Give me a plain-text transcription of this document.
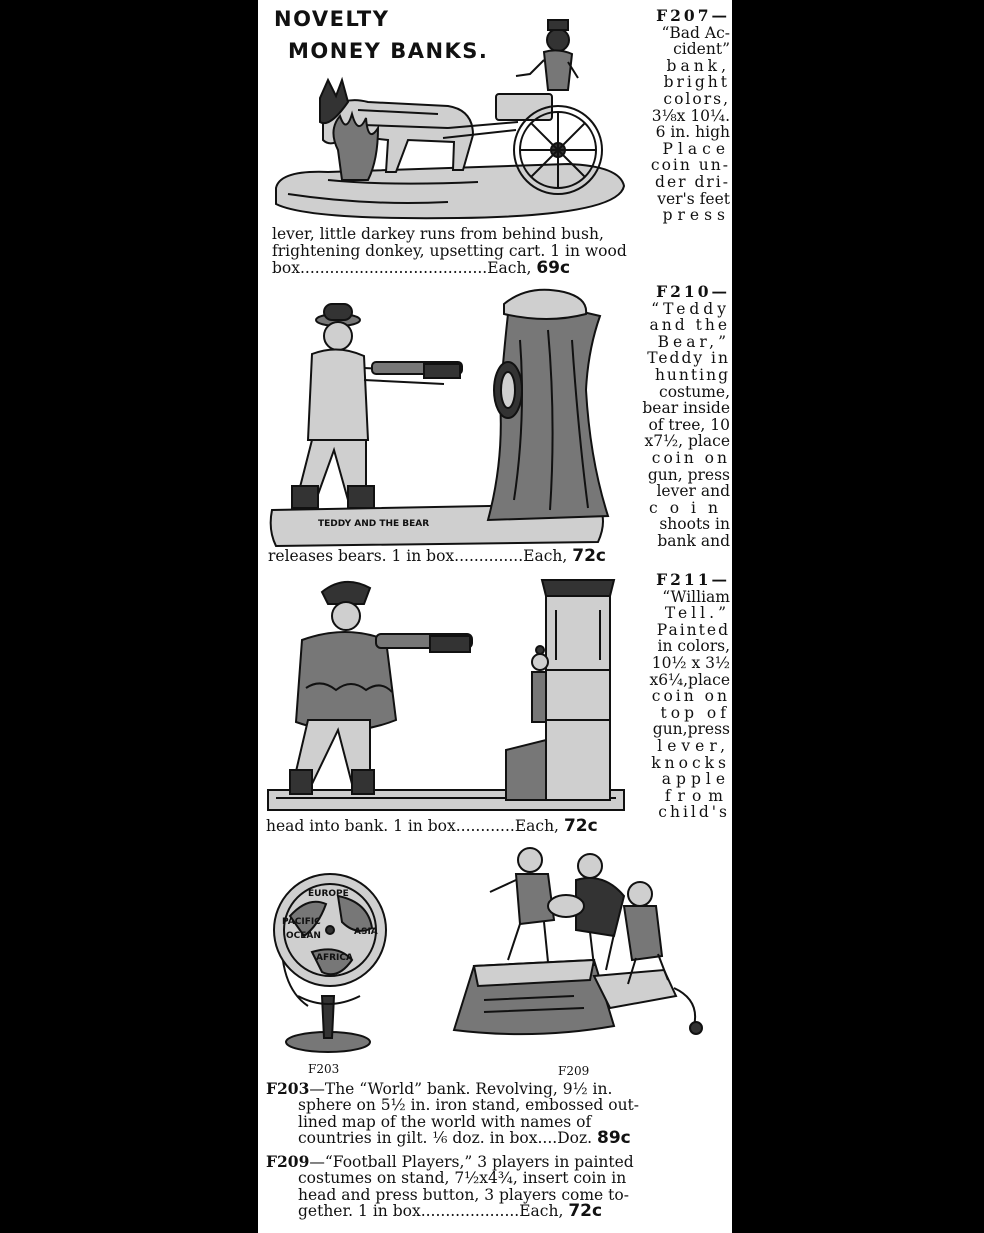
NOVELTY
MONEY BANKS.
F207—
“Bad Ac-
cident”
bank,
bright
colors,
3⅛x 10¼.
6 in. high
Place
coin un-
der dri-
ver's feet
press
lever, little darkey runs from behind bush,
frightening donkey, upsetting cart. 1 in wood
box......................................Each, 69c
TEDDY AND THE BEAR
F210—
“Teddy
and the
Bear,”
Teddy in
hunting
costume,
bear inside
of tree, 10
x7½, place
coin on
gun, press
lever and
coin
shoots in
bank and
releases bears. 1 in box..............Each, 72c
F211—
“William
Tell.”
Painted
in colors,
10½ x 3½
x6¼,place
coin on
top of
gun,press
lever,
knocks
apple
from
child's
head into bank. 1 in box............Each, 72c
EUROPE
PACIFIC
OCEAN	ASIA
AFRICA
F203	F209
F203—The “World” bank. Revolving, 9½ in.
sphere on 5½ in. iron stand, embossed out-
lined map of the world with names of
countries in gilt. ⅙ doz. in box....Doz. 89c
F209—“Football Players,” 3 players in painted
costumes on stand, 7½x4¾, insert coin in
head and press button, 3 players come to-
gether. 1 in box....................Each, 72c
